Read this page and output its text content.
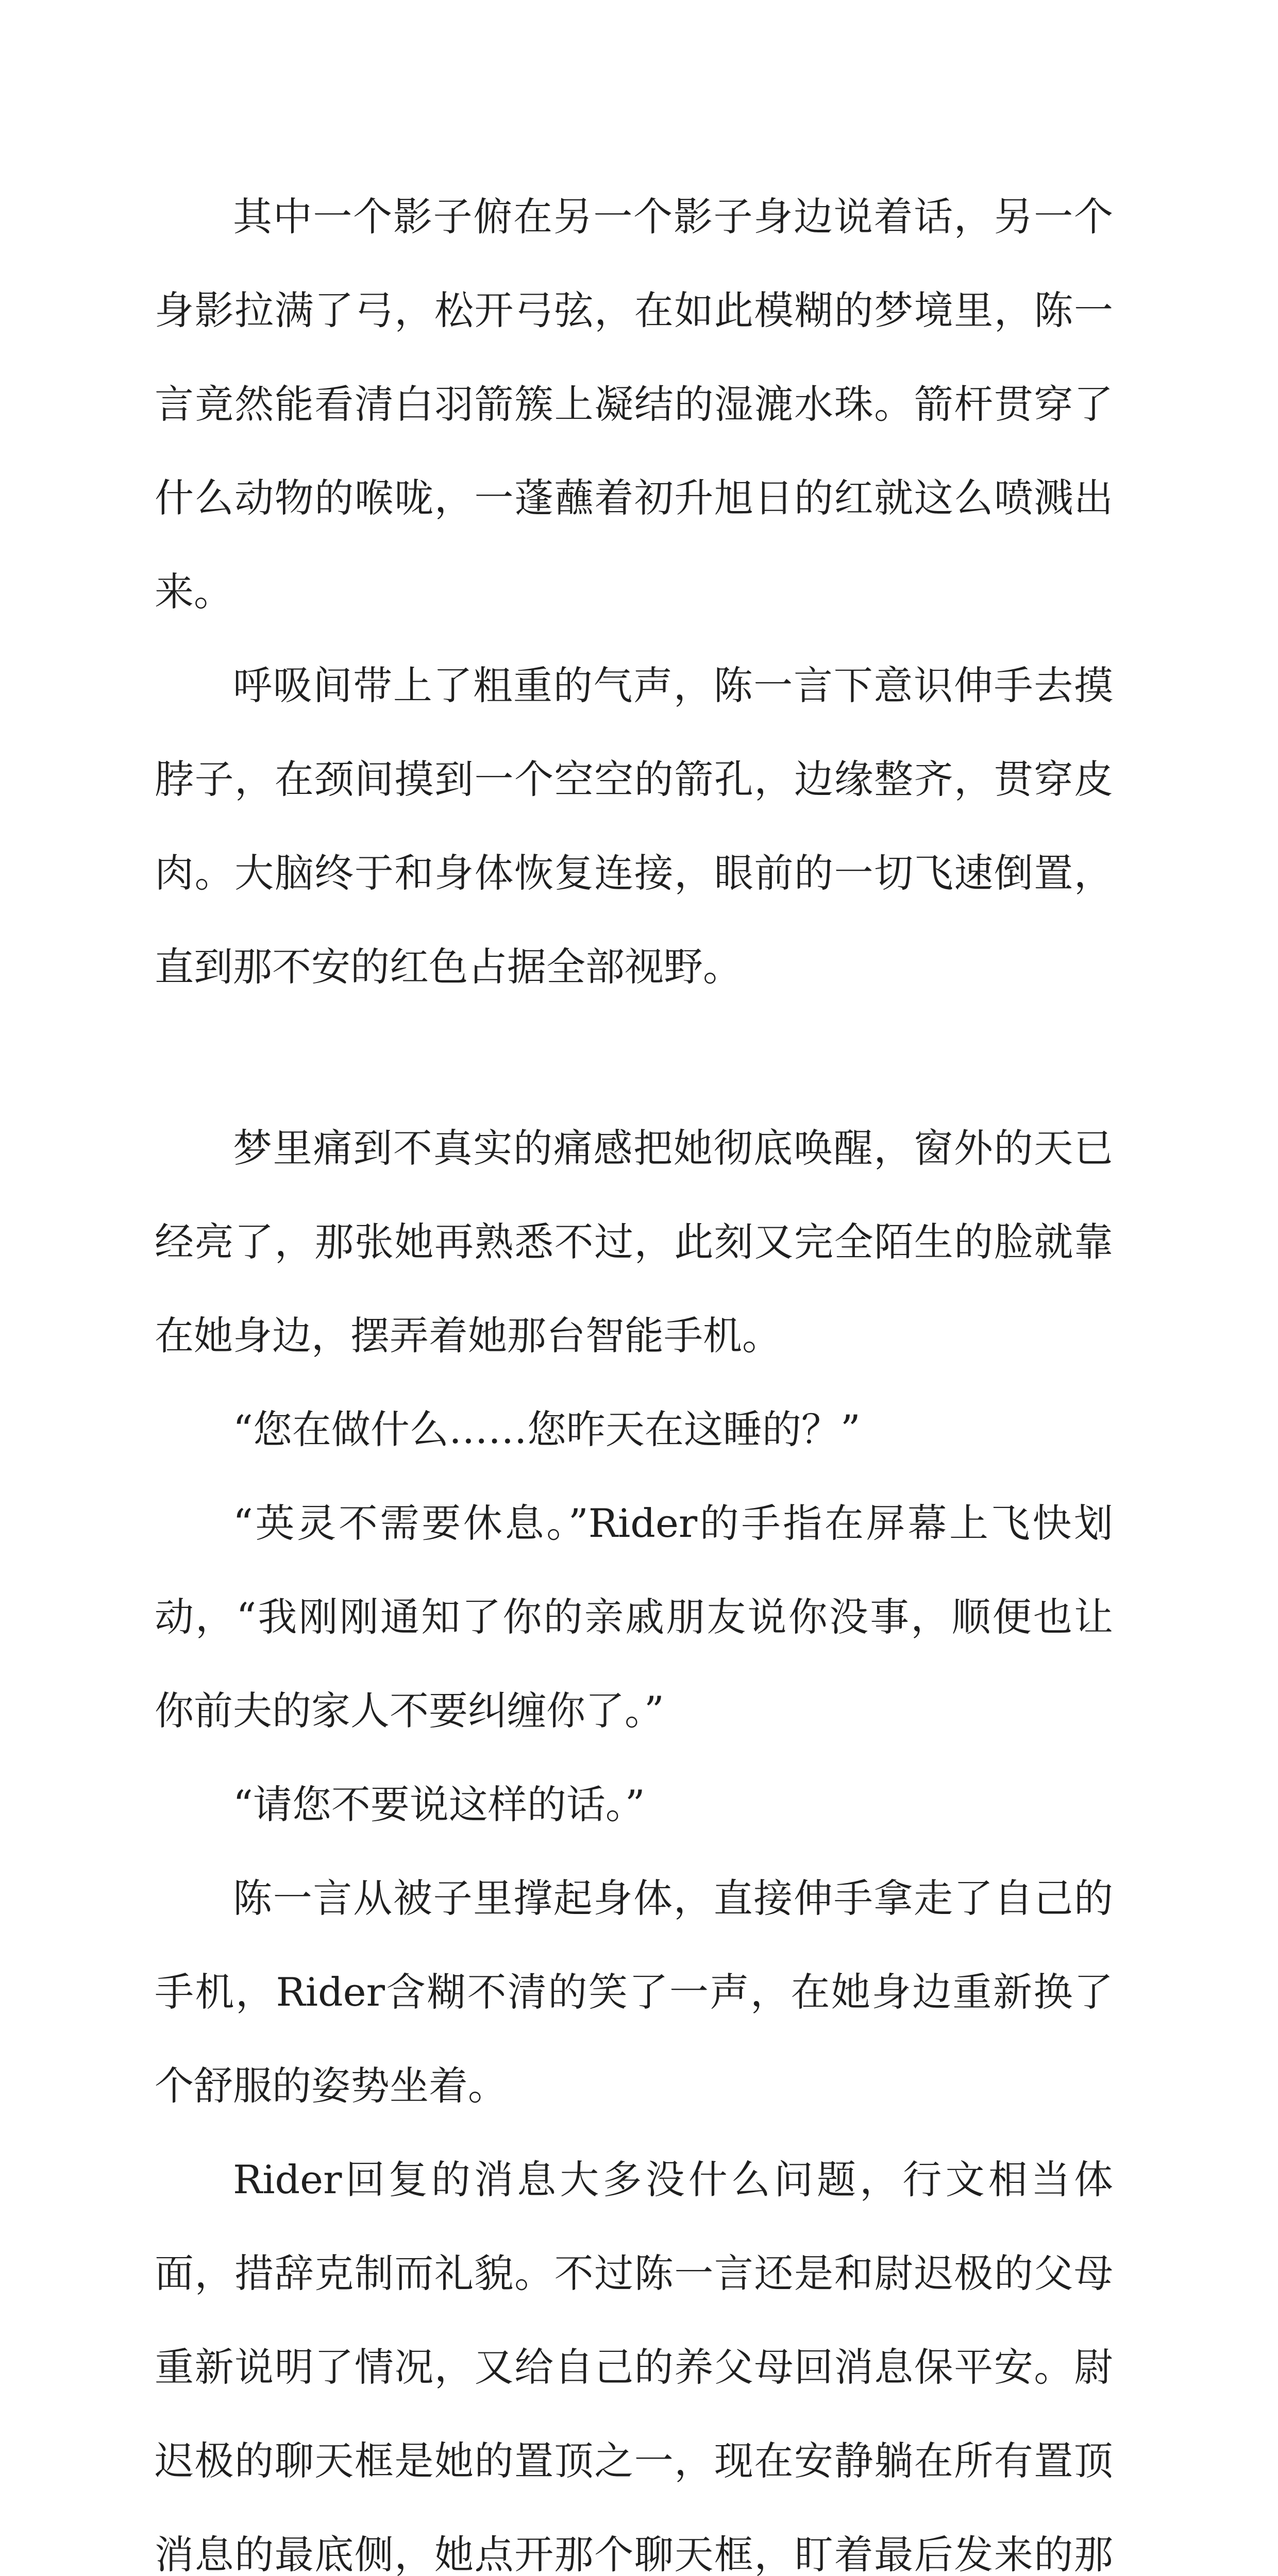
其中一个影子俯在另一个影子身边说着话，另一个身影拉满了弓，松开弓弦，在如此模糊的梦境里，陈一言竟然能看清白羽箭簇上凝结的湿漉水珠。箭杆贯穿了什么动物的喉咙，一蓬蘸着初升旭日的红就这么喷溅出来。

呼吸间带上了粗重的气声，陈一言下意识伸手去摸脖子，在颈间摸到一个空空的箭孔，边缘整齐，贯穿皮肉。大脑终于和身体恢复连接，眼前的一切飞速倒置，直到那不安的红色占据全部视野。

梦里痛到不真实的痛感把她彻底唤醒，窗外的天已经亮了，那张她再熟悉不过，此刻又完全陌生的脸就靠在她身边，摆弄着她那台智能手机。

“您在做什么……您昨天在这睡的？”

“英灵不需要休息。”Rider的手指在屏幕上飞快划动，“我刚刚通知了你的亲戚朋友说你没事，顺便也让你前夫的家人不要纠缠你了。”

“请您不要说这样的话。”

陈一言从被子里撑起身体，直接伸手拿走了自己的手机，Rider含糊不清的笑了一声，在她身边重新换了个舒服的姿势坐着。

Rider回复的消息大多没什么问题，行文相当体面，措辞克制而礼貌。不过陈一言还是和尉迟极的父母重新说明了情况，又给自己的养父母回消息保平安。尉迟极的聊天框是她的置顶之一，现在安静躺在所有置顶消息的最底侧，她点开那个聊天框，盯着最后发来的那
